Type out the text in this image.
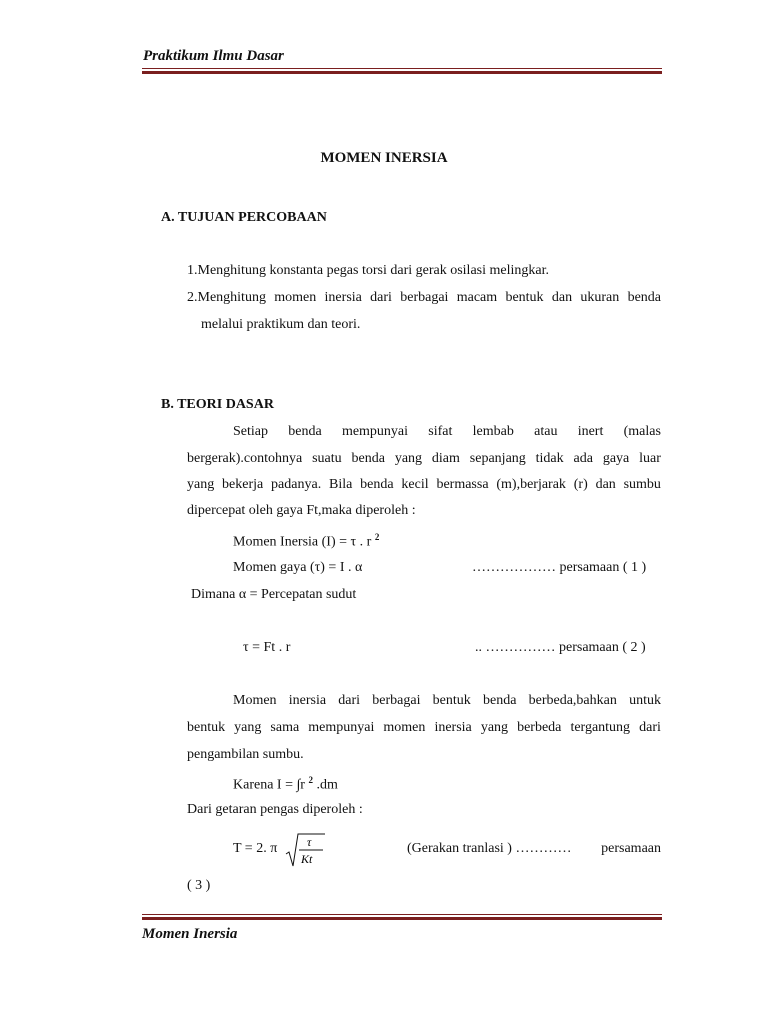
Praktikum Ilmu Dasar
MOMEN INERSIA
A. TUJUAN PERCOBAAN
1.Menghitung konstanta pegas torsi dari gerak osilasi melingkar.
2.Menghitung momen inersia dari berbagai macam bentuk dan ukuran benda
melalui praktikum dan teori.
B. TEORI DASAR
Setiap benda mempunyai sifat lembab atau inert (malas
bergerak).contohnya suatu benda yang diam sepanjang tidak ada gaya luar
yang bekerja padanya. Bila benda kecil bermassa (m),berjarak (r) dan sumbu
dipercepat oleh gaya Ft,maka diperoleh :
Momen Inersia (I) = τ . r $^2$
Momen gaya (τ) = I . α	……………… persamaan ( 1 )
Dimana α = Percepatan sudut
τ = Ft . r	.. …………… persamaan ( 2 )
Momen inersia dari berbagai bentuk benda berbeda,bahkan untuk
bentuk yang sama mempunyai momen inersia yang berbeda tergantung dari
pengambilan sumbu.
Karena I = ∫r $^2$ .dm
Dari getaran pengas diperoleh :
T = 2. π τ
Kt
(Gerakan tranlasi ) ………… persamaan
( 3 )
Momen Inersia
